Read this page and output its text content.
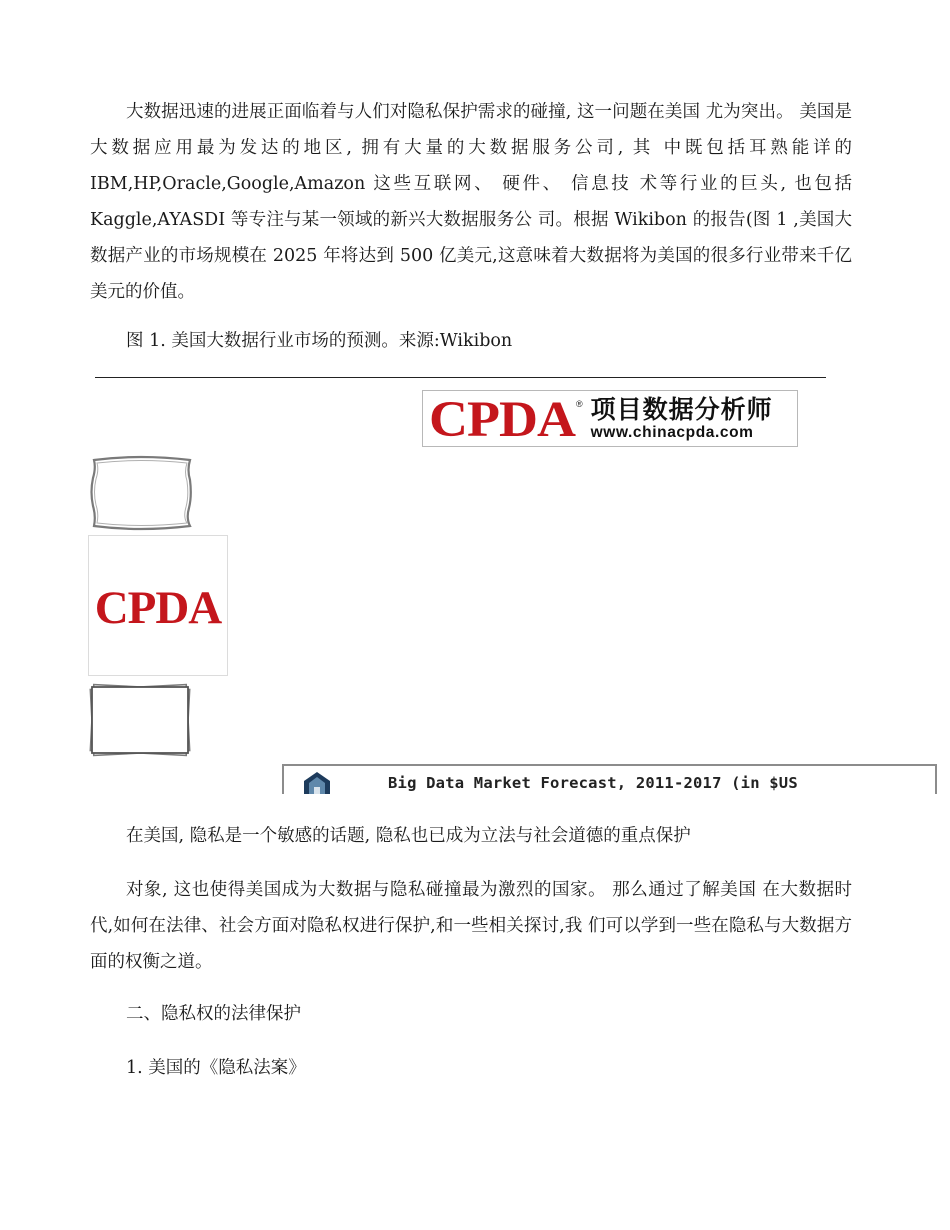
大数据迅速的进展正面临着与人们对隐私保护需求的碰撞, 这一问题在美国 尤为突出。 美国是大数据应用最为发达的地区, 拥有大量的大数据服务公司, 其 中既包括耳熟能详的 IBM,HP,Oracle,Google,Amazon 这些互联网、 硬件、 信息技 术等行业的巨头, 也包括 Kaggle,AYASDI 等专注与某一领域的新兴大数据服务公 司。根据 Wikibon 的报告(图 1 ,美国大数据产业的市场规模在 2025 年将达到 500 亿美元,这意味着大数据将为美国的很多行业带来千亿美元的价值。

图 1. 美国大数据行业市场的预测。来源:Wikibon

CPDA ® 项目数据分析师
www.chinacpda.com
CPDA
Big Data Market Forecast, 2011-2017 (in $US

在美国, 隐私是一个敏感的话题, 隐私也已成为立法与社会道德的重点保护

对象, 这也使得美国成为大数据与隐私碰撞最为激烈的国家。 那么通过了解美国 在大数据时代,如何在法律、社会方面对隐私权进行保护,和一些相关探讨,我 们可以学到一些在隐私与大数据方面的权衡之道。

二、隐私权的法律保护

1. 美国的《隐私法案》
